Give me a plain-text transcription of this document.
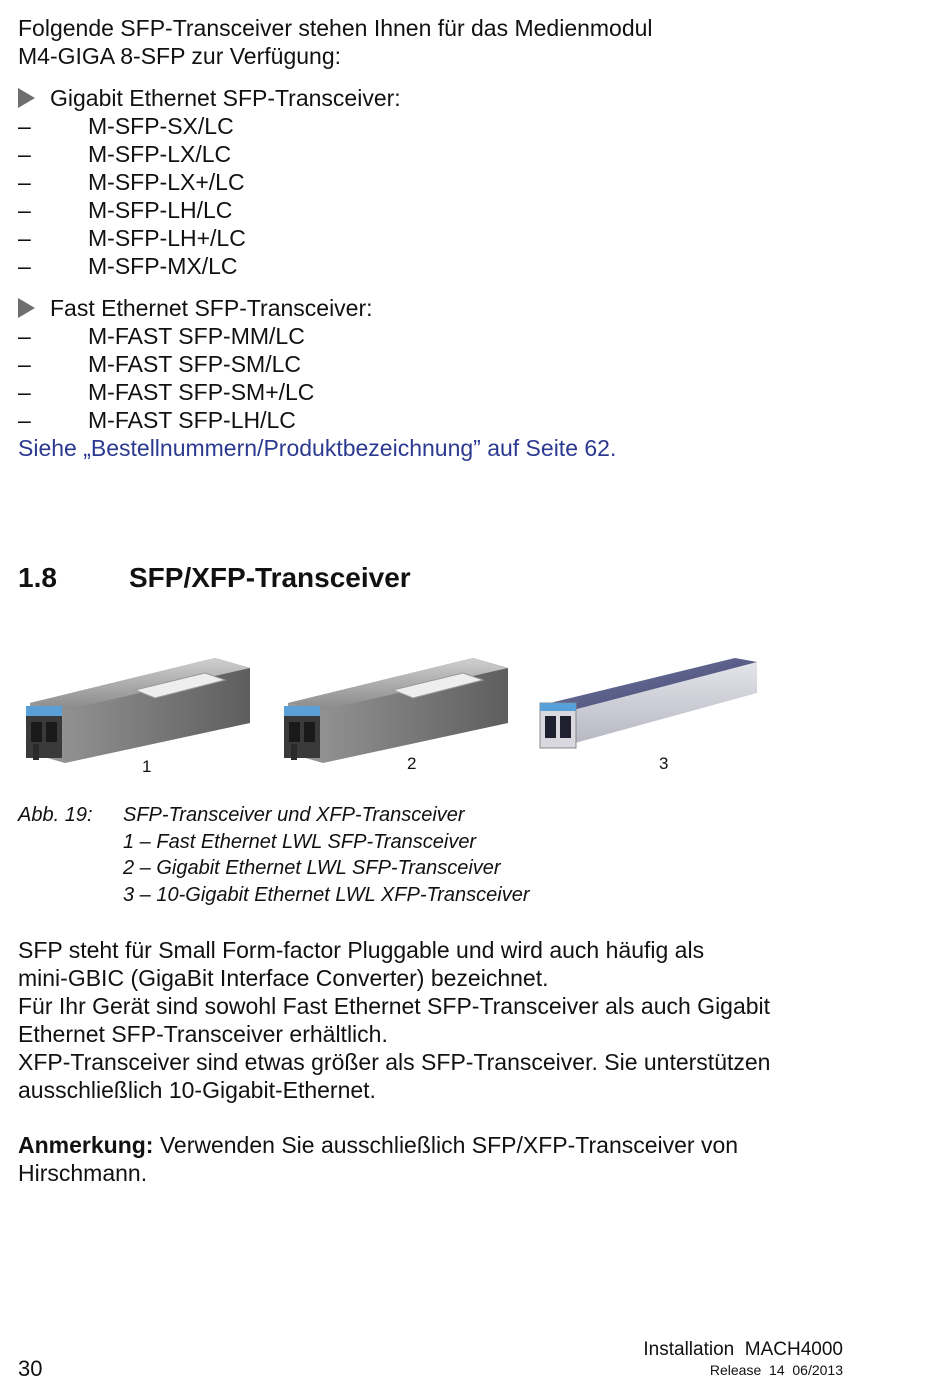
Folgende SFP-Transceiver stehen Ihnen für das Medienmodul
M4-GIGA 8-SFP zur Verfügung:
Gigabit Ethernet SFP-Transceiver:
–	M-SFP-SX/LC
–	M-SFP-LX/LC
–	M-SFP-LX+/LC
–	M-SFP-LH/LC
–	M-SFP-LH+/LC
–	M-SFP-MX/LC
Fast Ethernet SFP-Transceiver:
–	M-FAST SFP-MM/LC
–	M-FAST SFP-SM/LC
–	M-FAST SFP-SM+/LC
–	M-FAST SFP-LH/LC
Siehe „Bestellnummern/Produktbezeichnung” auf Seite 62.
1.8	SFP/XFP-Transceiver
1	2	3
Abb. 19: SFP-Transceiver und XFP-Transceiver
1 – Fast Ethernet LWL SFP-Transceiver
2 – Gigabit Ethernet LWL SFP-Transceiver
3 – 10-Gigabit Ethernet LWL XFP-Transceiver
SFP steht für Small Form-factor Pluggable und wird auch häufig als
mini-GBIC (GigaBit Interface Converter) bezeichnet.
Für Ihr Gerät sind sowohl Fast Ethernet SFP-Transceiver als auch Gigabit
Ethernet SFP-Transceiver erhältlich.
XFP-Transceiver sind etwas größer als SFP-Transceiver. Sie unterstützen
ausschließlich 10-Gigabit-Ethernet.
Anmerkung: Verwenden Sie ausschließlich SFP/XFP-Transceiver von
Hirschmann.
30
Installation  MACH4000
Release  14  06/2013
